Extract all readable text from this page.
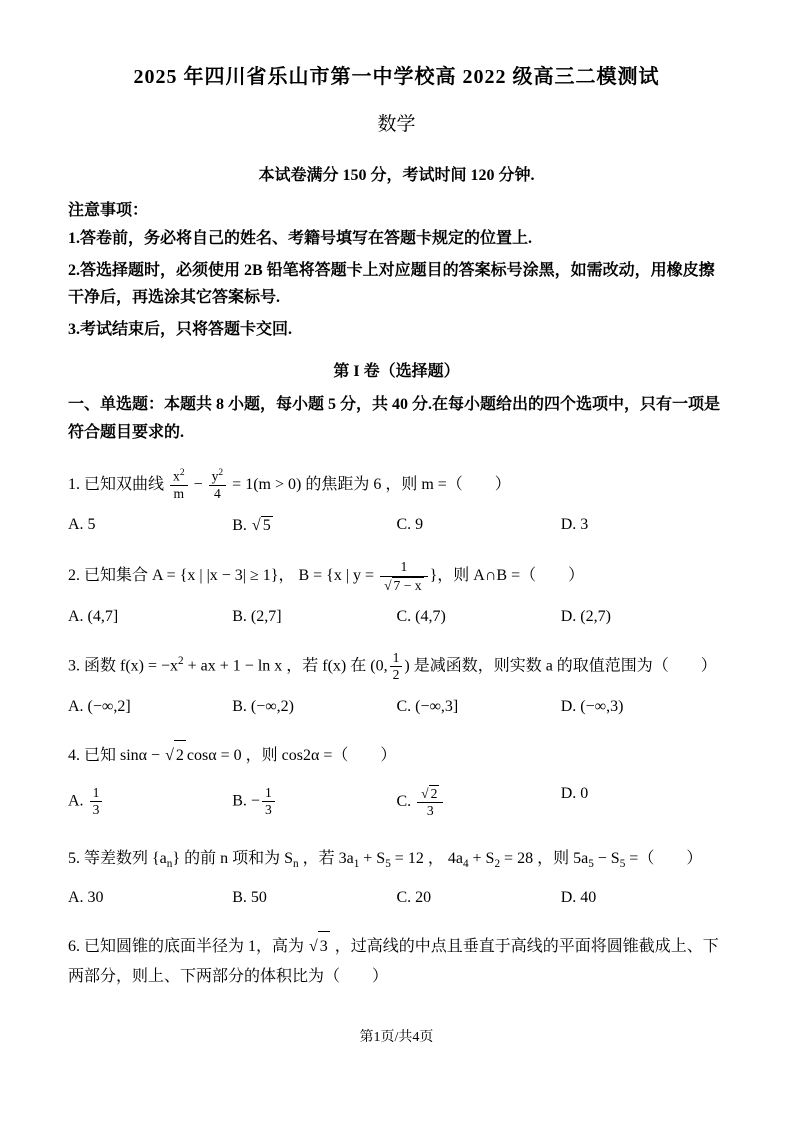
2025 年四川省乐山市第一中学校高 2022 级高三二模测试
数学
本试卷满分 150 分，考试时间 120 分钟.
注意事项：
1.答卷前，务必将自己的姓名、考籍号填写在答题卡规定的位置上.
2.答选择题时，必须使用 2B 铅笔将答题卡上对应题目的答案标号涂黑，如需改动，用橡皮擦干净后，再选涂其它答案标号.
3.考试结束后，只将答题卡交回.
第 I 卷（选择题）
一、单选题：本题共 8 小题，每小题 5 分，共 40 分.在每小题给出的四个选项中，只有一项是符合题目要求的.
1. 已知双曲线 $\frac{x^2}{m} - \frac{y^2}{4} = 1(m > 0)$ 的焦距为 6 ，则 m =（　　）
A. 5	B. √ 5	C. 9	D. 3
2. 已知集合 A = {x | |x − 3| ≥ 1}， B = {x | $y = \frac{1}{√ 7 - x}$ }，则 A∩B =（　　）
A. (4,7]	B. (2,7]	C. (4,7)	D. (2,7)
3. 函数 $f(x) = -x^2$ + ax + 1 − ln x ，若 f(x) 在 (0, $\frac{1}{2}$ ) 是减函数，则实数 a 的取值范围为（　　）
A. (−∞,2]	B. (−∞,2)	C. (−∞,3]	D. (−∞,3)
4. 已知 sinα − √ 2 cosα = 0 ，则 cos2α =（　　）
A. $\frac{1}{3}$	B. − $\frac{1}{3}$	C. $\frac{√ 2}{3}$	D. 0
5. 等差数列 $\{a_n\}$ 的前 n 项和为 $S_n$ ，若 $3a_1 + S_5 = 12$ ， $4a_4 + S_2 = 28$ ，则 $5a_5 - S_5$ =（　　）
A. 30	B. 50	C. 20	D. 40
6. 已知圆锥的底面半径为 1，高为 √ 3 ，过高线的中点且垂直于高线的平面将圆锥截成上、下两部分，则上、下两部分的体积比为（　　）
第1页/共4页
